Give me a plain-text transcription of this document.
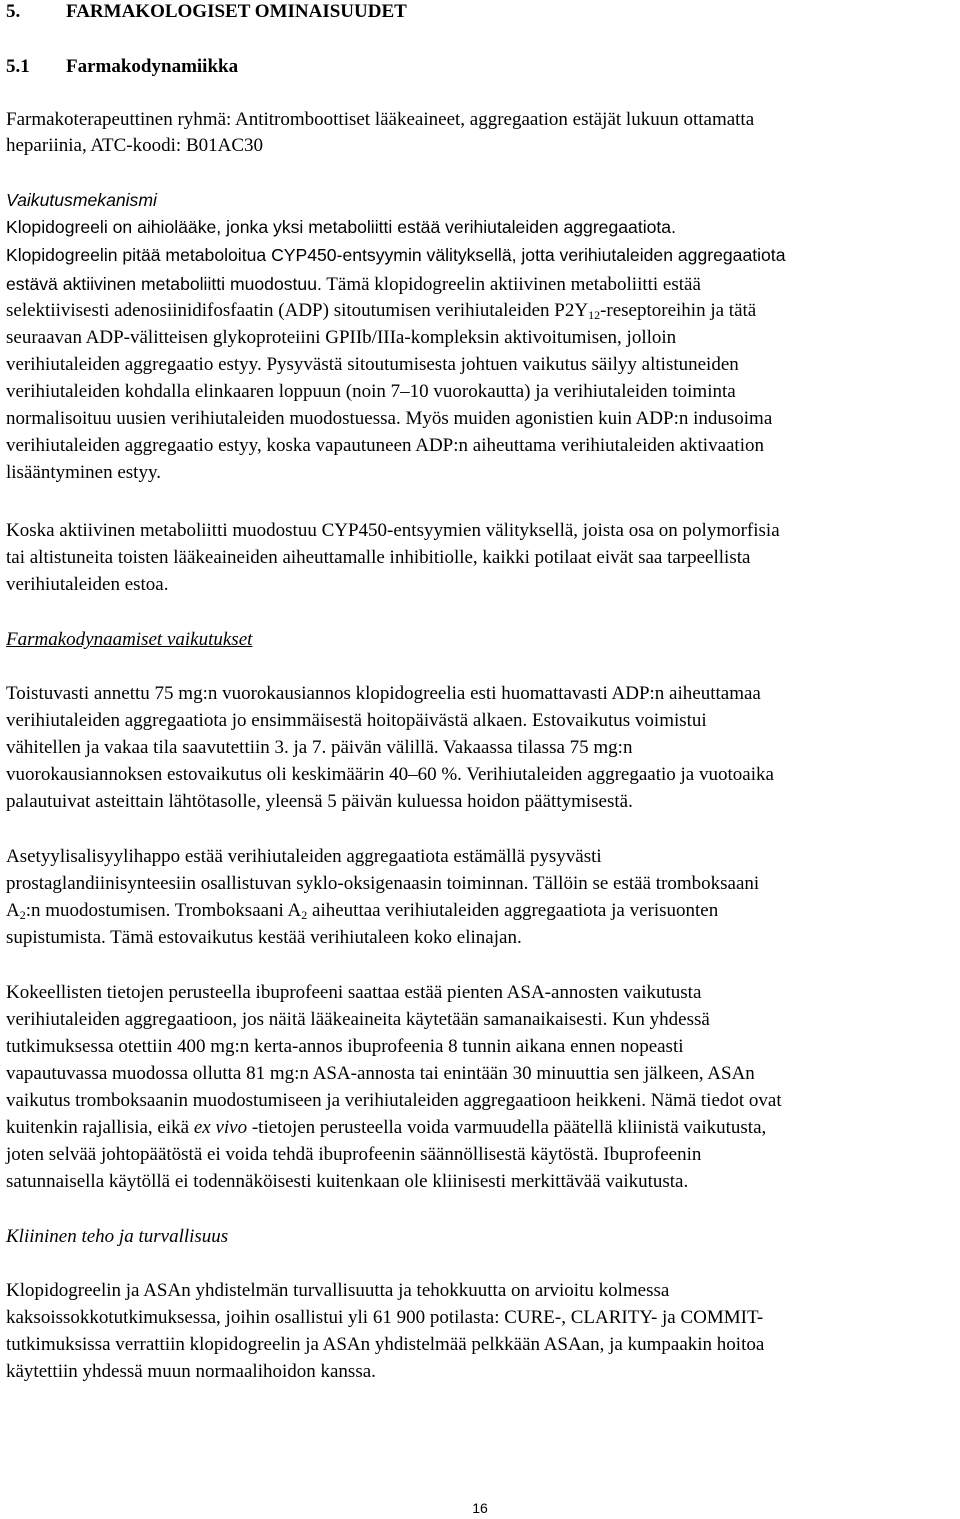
5. FARMAKOLOGISET OMINAISUUDET
5.1 Farmakodynamiikka
Farmakoterapeuttinen ryhmä: Antitromboottiset lääkeaineet, aggregaation estäjät lukuun ottamatta
hepariinia, ATC-koodi: B01AC30
Vaikutusmekanismi
Klopidogreeli on aihiolääke, jonka yksi metaboliitti estää verihiutaleiden aggregaatiota.
Klopidogreelin pitää metaboloitua CYP450-entsyymin välityksellä, jotta verihiutaleiden aggregaatiota
estävä aktiivinen metaboliitti muodostuu. Tämä klopidogreelin aktiivinen metaboliitti estää
selektiivisesti adenosiinidifosfaatin (ADP) sitoutumisen verihiutaleiden $P2Y_{12}$-reseptoreihin ja tätä
seuraavan ADP-välitteisen glykoproteiini GPIIb/IIIa-kompleksin aktivoitumisen, jolloin
verihiutaleiden aggregaatio estyy. Pysyvästä sitoutumisesta johtuen vaikutus säilyy altistuneiden
verihiutaleiden kohdalla elinkaaren loppuun (noin 7–10 vuorokautta) ja verihiutaleiden toiminta
normalisoituu uusien verihiutaleiden muodostuessa. Myös muiden agonistien kuin ADP:n indusoima
verihiutaleiden aggregaatio estyy, koska vapautuneen ADP:n aiheuttama verihiutaleiden aktivaation
lisääntyminen estyy.
Koska aktiivinen metaboliitti muodostuu CYP450-entsyymien välityksellä, joista osa on polymorfisia
tai altistuneita toisten lääkeaineiden aiheuttamalle inhibitiolle, kaikki potilaat eivät saa tarpeellista
verihiutaleiden estoa.
Farmakodynaamiset vaikutukset
Toistuvasti annettu 75 mg:n vuorokausiannos klopidogreelia esti huomattavasti ADP:n aiheuttamaa
verihiutaleiden aggregaatiota jo ensimmäisestä hoitopäivästä alkaen. Estovaikutus voimistui
vähitellen ja vakaa tila saavutettiin 3. ja 7. päivän välillä. Vakaassa tilassa 75 mg:n
vuorokausiannoksen estovaikutus oli keskimäärin 40–60 %. Verihiutaleiden aggregaatio ja vuotoaika
palautuivat asteittain lähtötasolle, yleensä 5 päivän kuluessa hoidon päättymisestä.
Asetyylisalisyylihappo estää verihiutaleiden aggregaatiota estämällä pysyvästi
prostaglandiinisynteesiin osallistuvan syklo-oksigenaasin toiminnan. Tällöin se estää tromboksaani
$A_2:n$ muodostumisen. Tromboksaani $A_2$ aiheuttaa verihiutaleiden aggregaatiota ja verisuonten
supistumista. Tämä estovaikutus kestää verihiutaleen koko elinajan.
Kokeellisten tietojen perusteella ibuprofeeni saattaa estää pienten ASA-annosten vaikutusta
verihiutaleiden aggregaatioon, jos näitä lääkeaineita käytetään samanaikaisesti. Kun yhdessä
tutkimuksessa otettiin 400 mg:n kerta-annos ibuprofeenia 8 tunnin aikana ennen nopeasti
vapautuvassa muodossa ollutta 81 mg:n ASA-annosta tai enintään 30 minuuttia sen jälkeen, ASAn
vaikutus tromboksaanin muodostumiseen ja verihiutaleiden aggregaatioon heikkeni. Nämä tiedot ovat
kuitenkin rajallisia, eikä ex vivo -tietojen perusteella voida varmuudella päätellä kliinistä vaikutusta,
joten selvää johtopäätöstä ei voida tehdä ibuprofeenin säännöllisestä käytöstä. Ibuprofeenin
satunnaisella käytöllä ei todennäköisesti kuitenkaan ole kliinisesti merkittävää vaikutusta.
Kliininen teho ja turvallisuus
Klopidogreelin ja ASAn yhdistelmän turvallisuutta ja tehokkuutta on arvioitu kolmessa
kaksoissokkotutkimuksessa, joihin osallistui yli 61 900 potilasta: CURE-, CLARITY- ja COMMIT-
tutkimuksissa verrattiin klopidogreelin ja ASAn yhdistelmää pelkkään ASAan, ja kumpaakin hoitoa
käytettiin yhdessä muun normaalihoidon kanssa.
16
